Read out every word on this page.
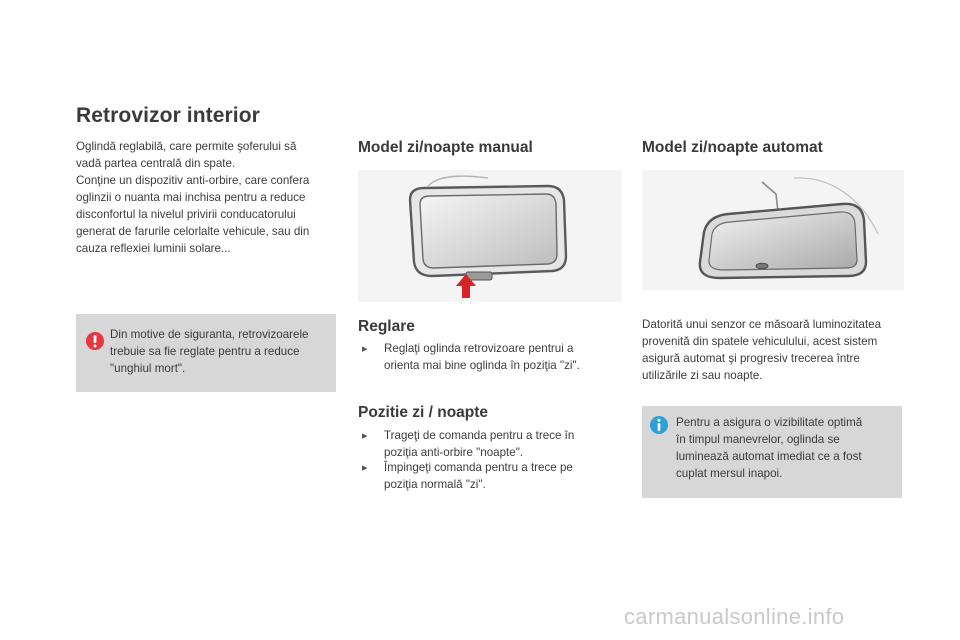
Retrovizor interior
Oglindă reglabilă, care permite şoferului să
vadă partea centrală din spate.
Conţine un dispozitiv anti-orbire, care confera
oglinzii o nuanta mai inchisa pentru a reduce
disconfortul la nivelul privirii conducatorului
generat de farurile celorlalte vehicule, sau din
cauza reflexiei luminii solare...
Din motive de siguranta, retrovizoarele
trebuie sa fie reglate pentru a reduce
"unghiul mort".
Model zi/noapte manual
Reglare
▸	Reglaţi oglinda retrovizoare pentrui a
orienta mai bine oglinda în poziţia "zi".
Pozitie zi / noapte
▸	Trageţi de comanda pentru a trece în
poziţia anti-orbire "noapte".
▸	Împingeţi comanda pentru a trece pe
poziţia normală "zi".
Model zi/noapte automat
Datorită unui senzor ce măsoară luminozitatea
provenită din spatele vehiculului, acest sistem
asigură automat şi progresiv trecerea între
utilizările zi sau noapte.
Pentru a asigura o vizibilitate optimă
în timpul manevrelor, oglinda se
luminează automat imediat ce a fost
cuplat mersul inapoi.
carmanualsonline.info
